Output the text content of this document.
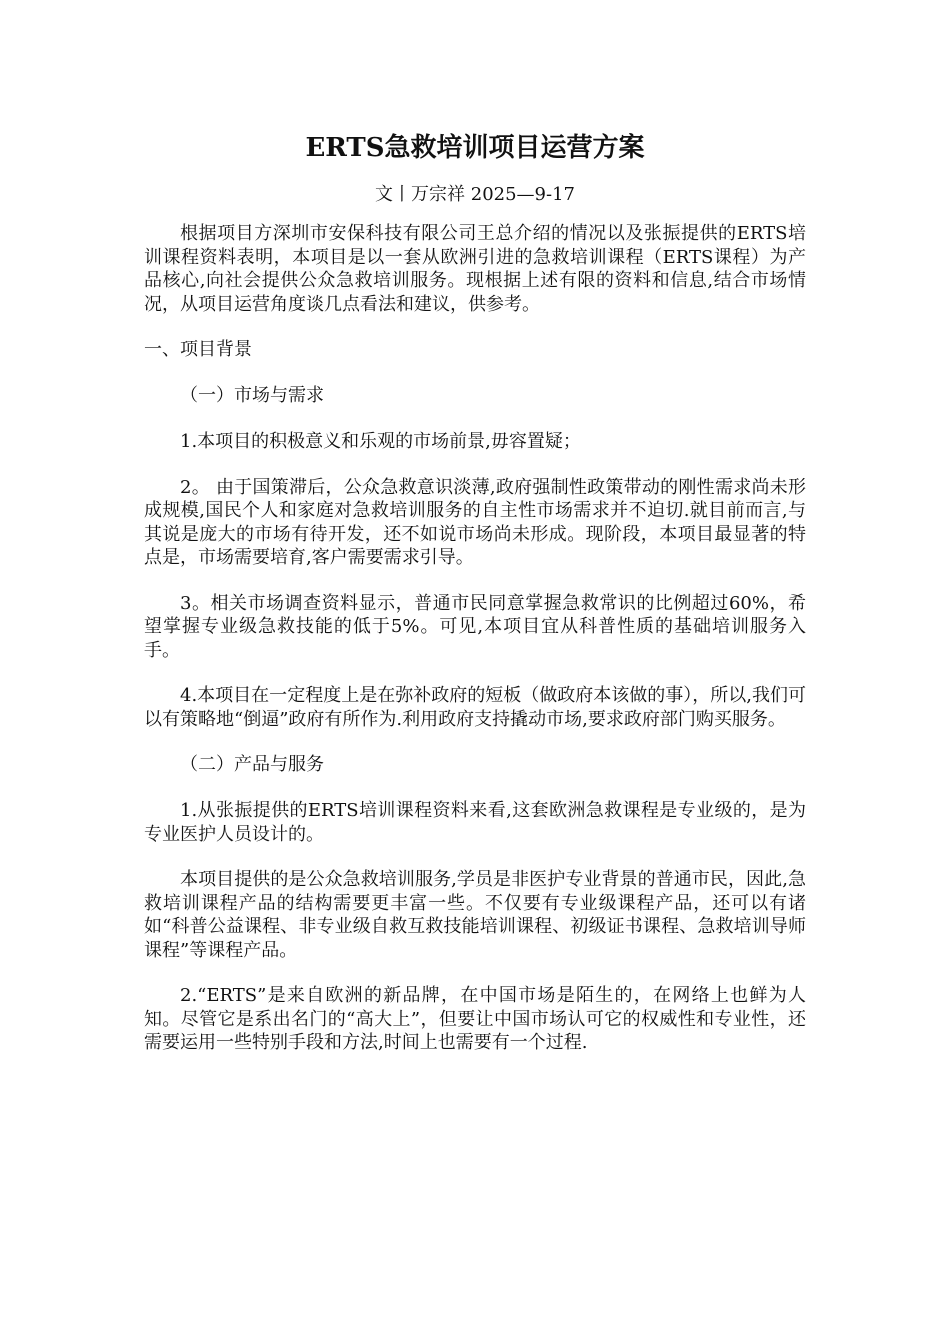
ERTS急救培训项目运营方案
文丨万宗祥 2025—9-17

根据项目方深圳市安保科技有限公司王总介绍的情况以及张振提供的ERTS培训课程资料表明，本项目是以一套从欧洲引进的急救培训课程（ERTS课程）为产品核心,向社会提供公众急救培训服务。现根据上述有限的资料和信息,结合市场情况，从项目运营角度谈几点看法和建议，供参考。

一、项目背景
（一）市场与需求

1.本项目的积极意义和乐观的市场前景,毋容置疑；

2。 由于国策滞后，公众急救意识淡薄,政府强制性政策带动的刚性需求尚未形成规模,国民个人和家庭对急救培训服务的自主性市场需求并不迫切.就目前而言,与其说是庞大的市场有待开发，还不如说市场尚未形成。现阶段，本项目最显著的特点是，市场需要培育,客户需要需求引导。

3。相关市场调查资料显示，普通市民同意掌握急救常识的比例超过60%，希望掌握专业级急救技能的低于5%。可见,本项目宜从科普性质的基础培训服务入手。

4.本项目在一定程度上是在弥补政府的短板（做政府本该做的事），所以,我们可以有策略地“倒逼”政府有所作为.利用政府支持撬动市场,要求政府部门购买服务。

（二）产品与服务

1.从张振提供的ERTS培训课程资料来看,这套欧洲急救课程是专业级的，是为专业医护人员设计的。

本项目提供的是公众急救培训服务,学员是非医护专业背景的普通市民，因此,急救培训课程产品的结构需要更丰富一些。不仅要有专业级课程产品，还可以有诸如“科普公益课程、非专业级自救互救技能培训课程、初级证书课程、急救培训导师课程”等课程产品。

2.“ERTS”是来自欧洲的新品牌，在中国市场是陌生的，在网络上也鲜为人知。尽管它是系出名门的“高大上”，但要让中国市场认可它的权威性和专业性，还需要运用一些特别手段和方法,时间上也需要有一个过程.
